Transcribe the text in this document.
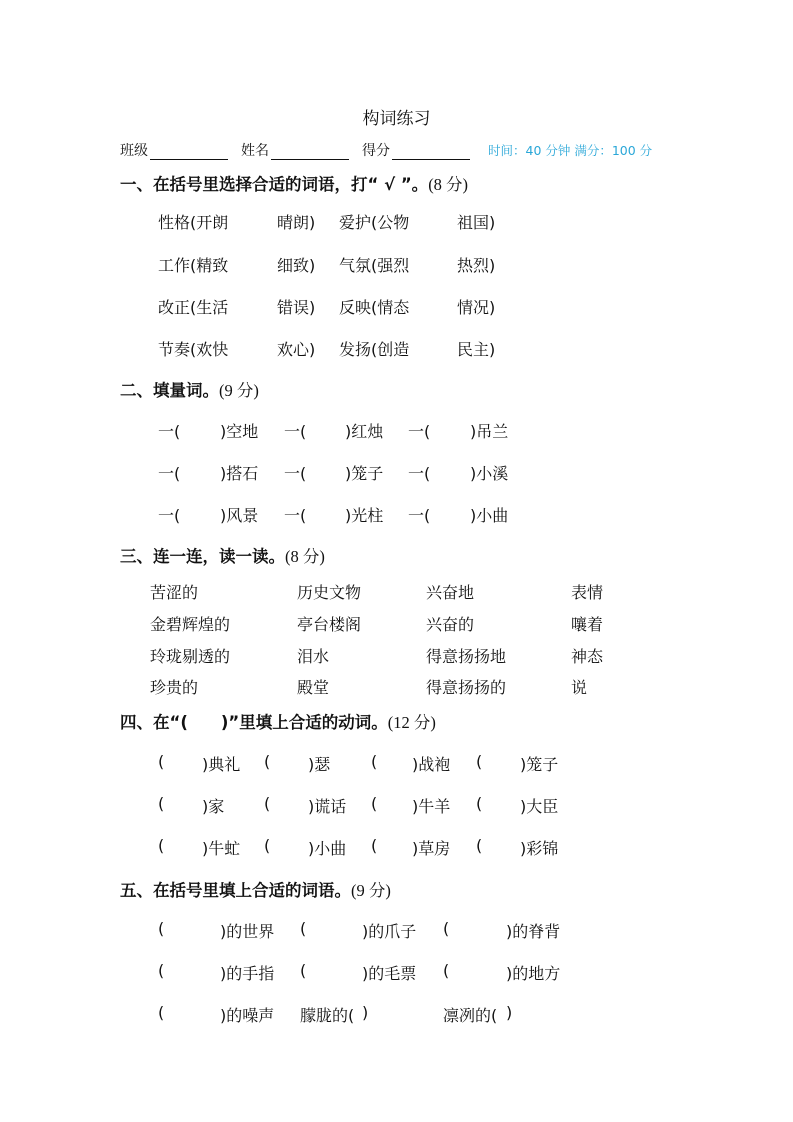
构词练习
班级	姓名	得分	时间：40 分钟 满分：100 分
一、在括号里选择合适的词语，打“ √ ”。(8 分)
性格(开朗	晴朗) 爱护(公物	祖国)
工作(精致	细致) 气氛(强烈	热烈)
改正(生活	错误) 反映(情态	情况)
节奏(欢快	欢心) 发扬(创造	民主)
二、填量词。(9 分)
一( )空地 一( )红烛 一( )吊兰
一( )搭石 一( )笼子 一( )小溪
一( )风景 一( )光柱 一( )小曲
三、连一连，读一读。(8 分)
苦涩的	历史文物	兴奋地	表情
金碧辉煌的	亭台楼阁	兴奋的	嚷着
玲珑剔透的	泪水	得意扬扬地	神态
珍贵的	殿堂	得意扬扬的	说
四、在“(　　)”里填上合适的动词。(12 分)
( )典礼 ( )瑟	( )战袍 ( )笼子
( )家 ( )谎话 ( )牛羊 ( )大臣
( )牛虻 ( )小曲 ( )草房 ( )彩锦
五、在括号里填上合适的词语。(9 分)
(	)的世界 (	)的爪子 (	)的脊背
(	)的手指 (	)的毛票 (	)的地方
(	)的噪声 朦胧的( )	凛冽的( )
